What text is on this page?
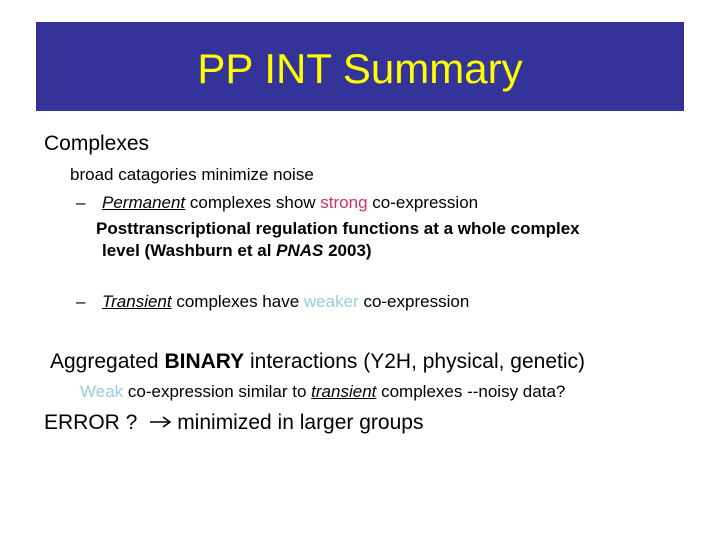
PP INT Summary
Complexes
broad catagories minimize noise
– Permanent complexes show strong co-expression
Posttranscriptional regulation functions at a whole complex
level (Washburn et al PNAS 2003)
– Transient complexes have weaker co-expression
Aggregated BINARY interactions (Y2H, physical, genetic)
Weak co-expression similar to transient complexes --noisy data?
ERROR ? minimized in larger groups
